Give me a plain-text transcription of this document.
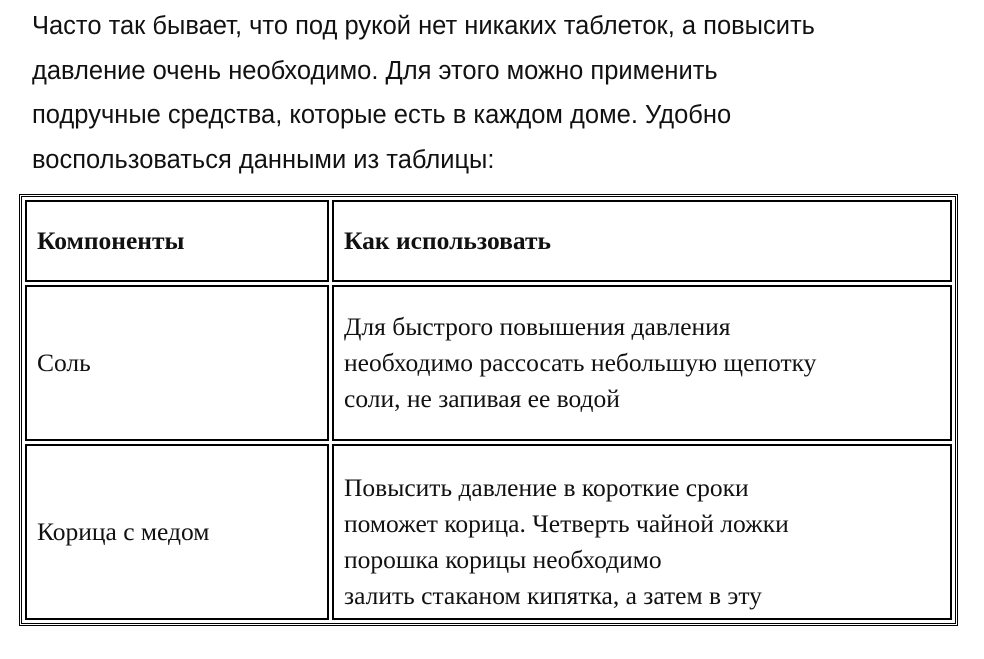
Часто так бывает, что под рукой нет никаких таблеток, а повысить
давление очень необходимо. Для этого можно применить
подручные средства, которые есть в каждом доме. Удобно
воспользоваться данными из таблицы:

Компоненты	Как использовать
Соль	Для быстрого повышения давления
необходимо рассосать небольшую щепотку
соли, не запивая ее водой

Корица с медом	Повысить давление в короткие сроки
поможет корица. Четверть чайной ложки
порошка корицы необходимо
залить стаканом кипятка, а затем в эту
